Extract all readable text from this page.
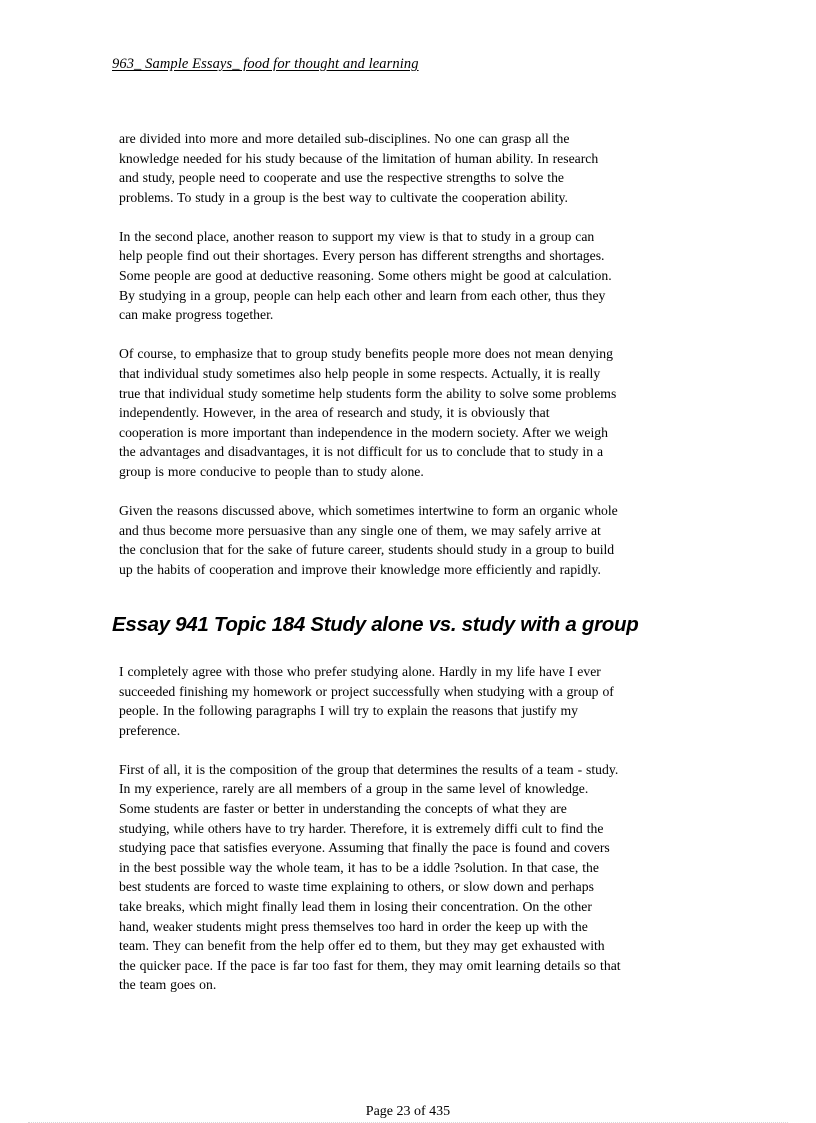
963_ Sample Essays_ food for thought and learning
are divided into more and more detailed sub-disciplines. No one can grasp all the
knowledge needed for his study because of the limitation of human ability. In research
and study, people need to cooperate and use the respective strengths to solve the
problems. To study in a group is the best way to cultivate the cooperation ability.
In the second place, another reason to support my view is that to study in a group can
help people find out their shortages. Every person has different strengths and shortages.
Some people are good at deductive reasoning. Some others might be good at calculation.
By studying in a group, people can help each other and learn from each other, thus they
can make progress together.
Of course, to emphasize that to group study benefits people more does not mean denying
that individual study sometimes also help people in some respects. Actually, it is really
true that individual study sometime help students form the ability to solve some problems
independently. However, in the area of research and study, it is obviously that
cooperation is more important than independence in the modern society. After we weigh
the advantages and disadvantages, it is not difficult for us to conclude that to study in a
group is more conducive to people than to study alone.
Given the reasons discussed above, which sometimes intertwine to form an organic whole
and thus become more persuasive than any single one of them, we may safely arrive at
the conclusion that for the sake of future career, students should study in a group to build
up the habits of cooperation and improve their knowledge more efficiently and rapidly.
Essay 941 Topic 184 Study alone vs. study with a group
I completely agree with those who prefer studying alone. Hardly in my life have I ever
succeeded finishing my homework or project successfully when studying with a group of
people. In the following paragraphs I will try to explain the reasons that justify my
preference.
First of all, it is the composition of the group that determines the results of a team - study.
In my experience, rarely are all members of a group in the same level of knowledge.
Some students are faster or better in understanding the concepts of what they are
studying, while others have to try harder. Therefore, it is extremely diffi cult to find the
studying pace that satisfies everyone. Assuming that finally the pace is found and covers
in the best possible way the whole team, it has to be a iddle ?solution. In that case, the
best students are forced to waste time explaining to others, or slow down and perhaps
take breaks, which might finally lead them in losing their concentration. On the other
hand, weaker students might press themselves too hard in order the keep up with the
team. They can benefit from the help offer ed to them, but they may get exhausted with
the quicker pace. If the pace is far too fast for them, they may omit learning details so that
the team goes on.
Page 23 of 435
